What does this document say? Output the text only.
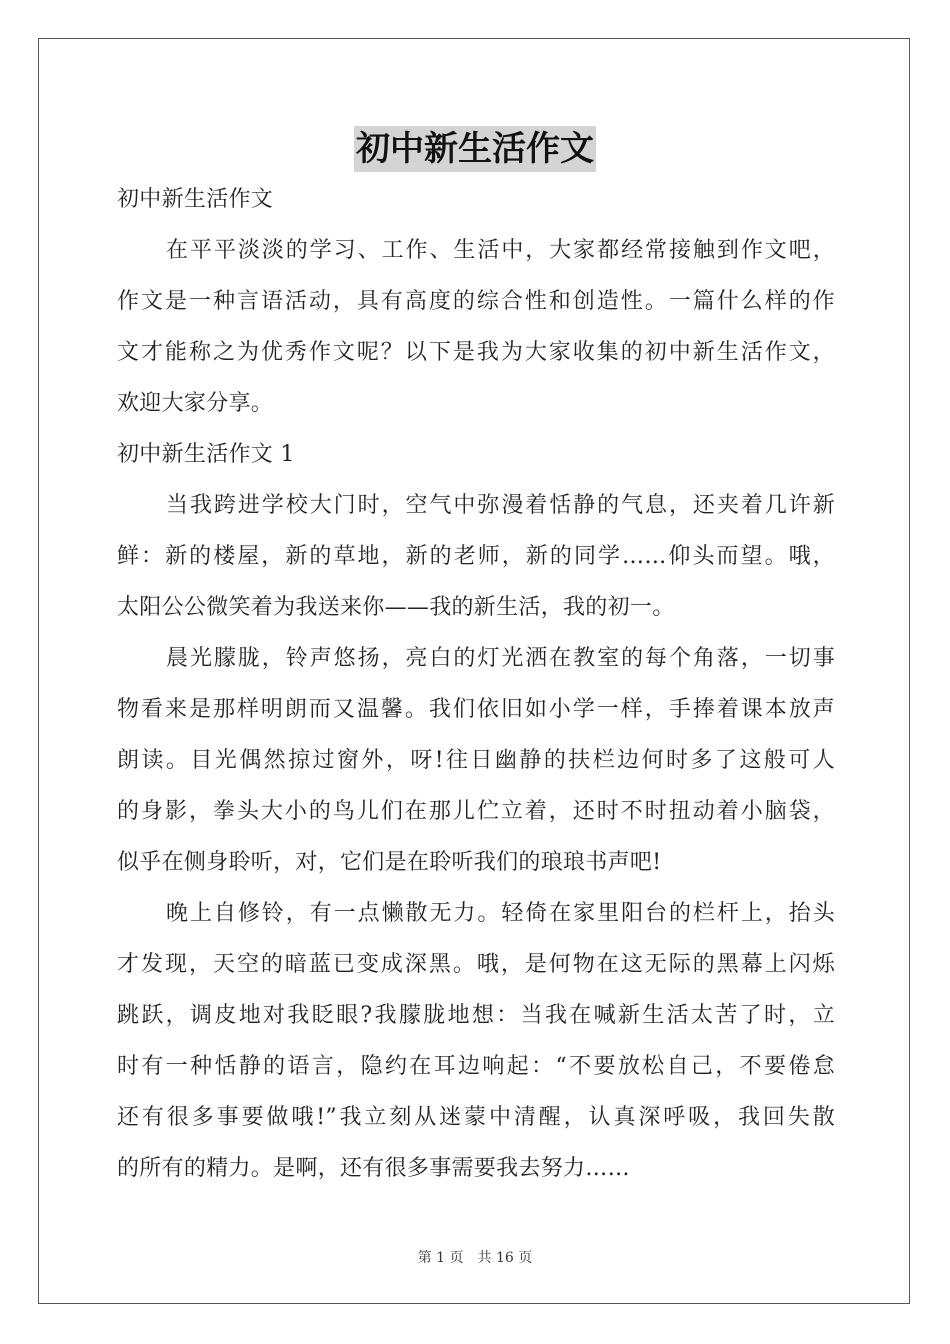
初中新生活作文
初中新生活作文
在平平淡淡的学习、工作、生活中，大家都经常接触到作文吧，
作文是一种言语活动，具有高度的综合性和创造性。一篇什么样的作
文才能称之为优秀作文呢？以下是我为大家收集的初中新生活作文，
欢迎大家分享。
初中新生活作文 1
当我跨进学校大门时，空气中弥漫着恬静的气息，还夹着几许新
鲜：新的楼屋，新的草地，新的老师，新的同学……仰头而望。哦，
太阳公公微笑着为我送来你——我的新生活，我的初一。
晨光朦胧，铃声悠扬，亮白的灯光洒在教室的每个角落，一切事
物看来是那样明朗而又温馨。我们依旧如小学一样，手捧着课本放声
朗读。目光偶然掠过窗外，呀!往日幽静的扶栏边何时多了这般可人
的身影，拳头大小的鸟儿们在那儿伫立着，还时不时扭动着小脑袋，
似乎在侧身聆听，对，它们是在聆听我们的琅琅书声吧!
晚上自修铃，有一点懒散无力。轻倚在家里阳台的栏杆上，抬头
才发现，天空的暗蓝已变成深黑。哦，是何物在这无际的黑幕上闪烁
跳跃，调皮地对我眨眼?我朦胧地想：当我在喊新生活太苦了时，立
时有一种恬静的语言，隐约在耳边响起：“不要放松自己，不要倦怠
还有很多事要做哦!”我立刻从迷蒙中清醒，认真深呼吸，我回失散
的所有的精力。是啊，还有很多事需要我去努力……
第 1 页　共 16 页
